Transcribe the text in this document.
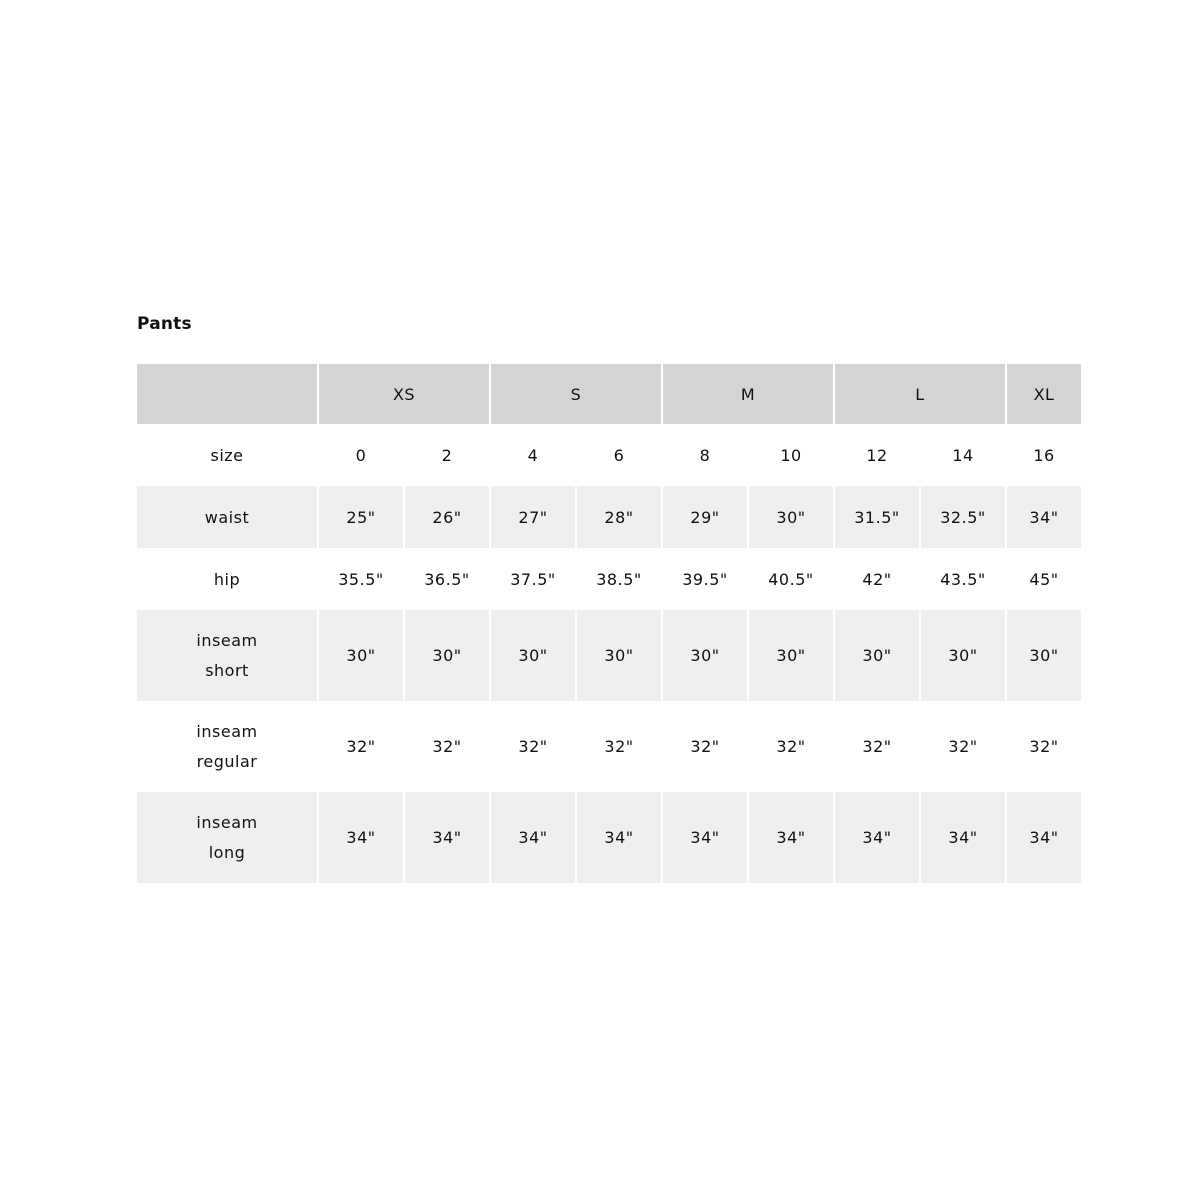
Pants
	XS		S		M		L		XL
size	0	2	4	6	8	10	12	14	16
waist	25"	26"	27"	28"	29"	30"	31.5"	32.5"	34"
hip	35.5"	36.5"	37.5"	38.5"	39.5"	40.5"	42"	43.5"	45"
inseam
short	30"	30"	30"	30"	30"	30"	30"	30"	30"
inseam
regular	32"	32"	32"	32"	32"	32"	32"	32"	32"
inseam
long	34"	34"	34"	34"	34"	34"	34"	34"	34"
